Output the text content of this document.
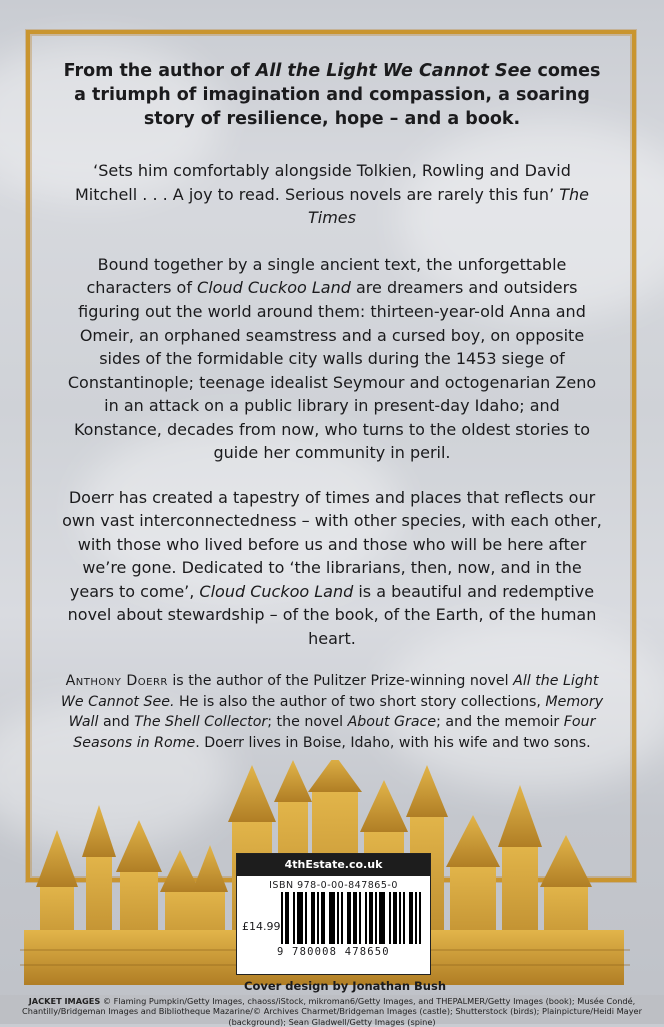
From the author of All the Light We Cannot See comes a triumph of imagination and compassion, a soaring story of resilience, hope – and a book.

‘Sets him comfortably alongside Tolkien, Rowling and David Mitchell . . . A joy to read. Serious novels are rarely this fun’ The Times

Bound together by a single ancient text, the unforgettable characters of Cloud Cuckoo Land are dreamers and outsiders figuring out the world around them: thirteen-year-old Anna and Omeir, an orphaned seamstress and a cursed boy, on opposite sides of the formidable city walls during the 1453 siege of Constantinople; teenage idealist Seymour and octogenarian Zeno in an attack on a public library in present-day Idaho; and Konstance, decades from now, who turns to the oldest stories to guide her community in peril.

Doerr has created a tapestry of times and places that reflects our own vast interconnectedness – with other species, with each other, with those who lived before us and those who will be here after we’re gone. Dedicated to ‘the librarians, then, now, and in the years to come’, Cloud Cuckoo Land is a beautiful and redemptive novel about stewardship – of the book, of the Earth, of the human heart.

Anthony Doerr is the author of the Pulitzer Prize-winning novel All the Light We Cannot See. He is also the author of two short story collections, Memory Wall and The Shell Collector; the novel About Grace; and the memoir Four Seasons in Rome. Doerr lives in Boise, Idaho, with his wife and two sons.

4thEstate.co.uk
ISBN 978-0-00-847865-0
£14.99
9 780008 478650
Cover design by Jonathan Bush
JACKET IMAGES © Flaming Pumpkin/Getty Images, chaoss/iStock, mikroman6/Getty Images, and THEPALMER/Getty Images (book); Musée Condé, Chantilly/Bridgeman Images and Bibliotheque Mazarine/© Archives Charmet/Bridgeman Images (castle); Shutterstock (birds); Plainpicture/Heidi Mayer (background); Sean Gladwell/Getty Images (spine)
